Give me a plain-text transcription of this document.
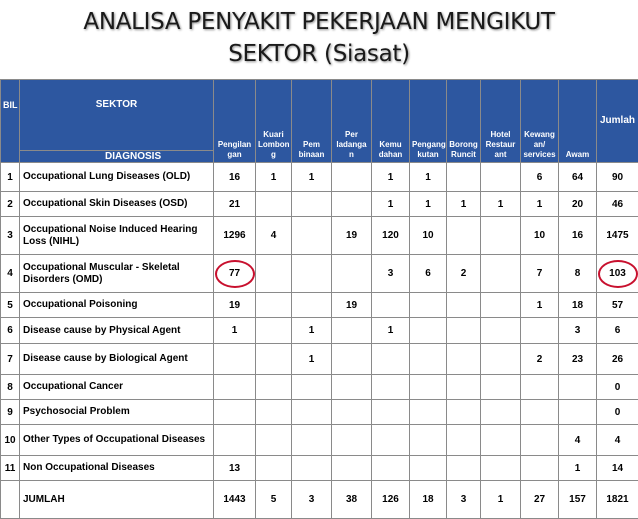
ANALISA PENYAKIT PEKERJAAN MENGIKUT
SEKTOR (Siasat)
BIL	SEKTOR	Pengilan gan	Kuari Lombon g	Pem binaan	Per ladanga n	Kemu dahan	Pengang kutan	Borong Runcit	Hotel Restaur ant	Kewang an/ services	Awam	Jumlah
	DIAGNOSIS											
1	Occupational Lung Diseases (OLD)	16	1	1		1	1			6	64	90
2	Occupational Skin Diseases (OSD)	21				1	1	1	1	1	20	46
3	Occupational Noise Induced Hearing Loss (NIHL)	1296	4		19	120	10			10	16	1475
4	Occupational Muscular - Skeletal Disorders (OMD)	77				3	6	2		7	8	103

5	Occupational Poisoning	19			19					1	18	57
6	Disease cause by Physical Agent	1		1		1					3	6
7	Disease cause by Biological Agent			1						2	23	26
8	Occupational Cancer											0
9	Psychosocial Problem											0
10	Other Types of Occupational Diseases										4	4
11	Non Occupational Diseases	13									1	14
	JUMLAH	1443	5	3	38	126	18	3	1	27	157	1821
